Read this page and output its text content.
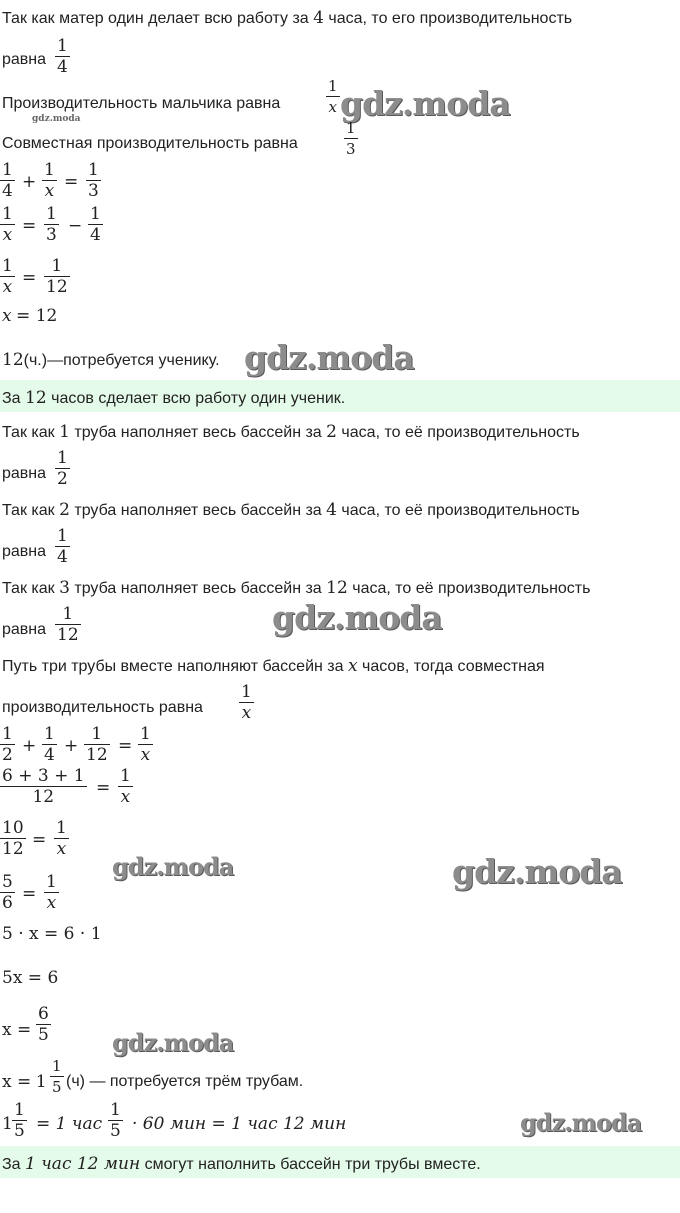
Так как матер один делает всю работу за 4 часа, то его производительность
равна $\frac{1}{4}$
Производительность мальчика равна	$\frac{1}{x}$ gdz.moda
gdz.moda
Совместная производительность равна	$\frac{1}{3}$
$\frac{1}{4} + \frac{1}{x} = \frac{1}{3}$
$\frac{1}{x} = \frac{1}{3} - \frac{1}{4}$
$\frac{1}{x} = \frac{1}{12}$
x = 12
12(ч.)—потребуется ученику. gdz.moda
За 12 часов сделает всю работу один ученик.
Так как 1 труба наполняет весь бассейн за 2 часа, то её производительность
равна $\frac{1}{2}$
Так как 2 труба наполняет весь бассейн за 4 часа, то её производительность
равна $\frac{1}{4}$
Так как 3 труба наполняет весь бассейн за 12 часа, то её производительность
равна $\frac{1}{12}$	gdz.moda
Путь три трубы вместе наполняют бассейн за x часов, тогда совместная
производительность равна $\frac{1}{x}$
$\frac{1}{2} + \frac{1}{4} + \frac{1}{12} = \frac{1}{x}$
$\frac{6 + 3 + 1}{12} = \frac{1}{x}$
$\frac{10}{12} = \frac{1}{x}$
gdz.moda	gdz.moda
$\frac{5}{6} = \frac{1}{x}$
5 · x = 6 · 1
5x = 6
$x = \frac{6}{5}$	gdz.moda
$x = 1 \frac{1}{5} (ч)$ — потребуется трём трубам.
$1 \frac{1}{5} = 1$ час $\frac{1}{5} \cdot 60$ мин = 1 час 12 мин	gdz.moda
За 1 час 12 мин смогут наполнить бассейн три трубы вместе.
